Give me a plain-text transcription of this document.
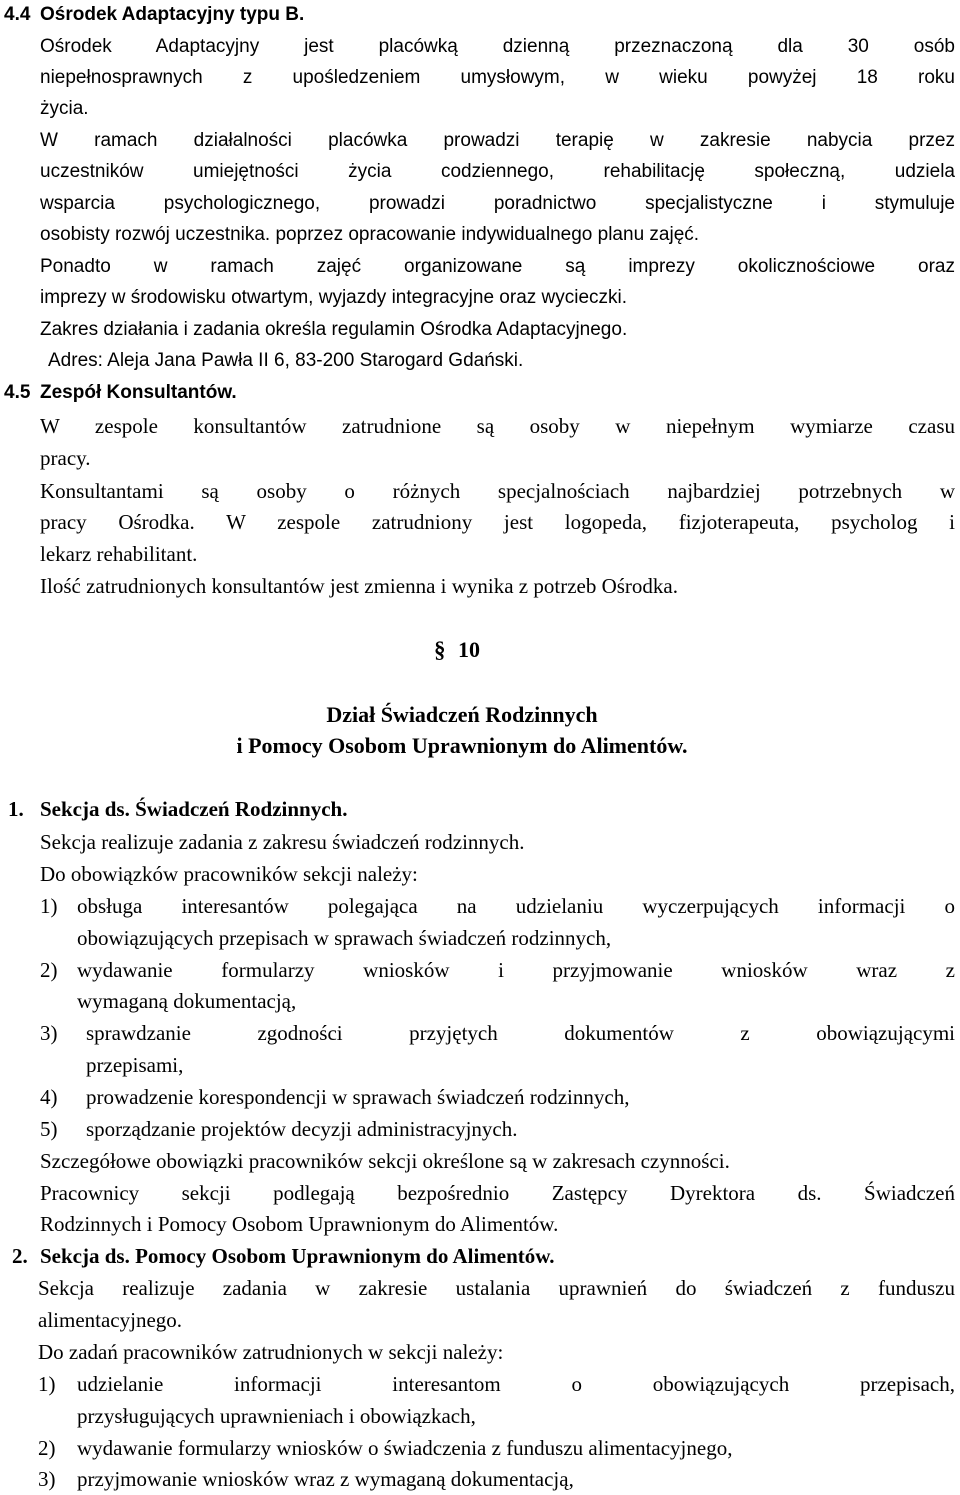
4.4 Ośrodek Adaptacyjny typu B.
Ośrodek Adaptacyjny jest placówką dzienną przeznaczoną dla 30 osób
niepełnosprawnych z upośledzeniem umysłowym, w wieku powyżej 18 roku
życia.
W ramach działalności placówka prowadzi terapię w zakresie nabycia przez
uczestników umiejętności życia codziennego, rehabilitację społeczną, udziela
wsparcia psychologicznego, prowadzi poradnictwo specjalistyczne i stymuluje
osobisty rozwój uczestnika. poprzez opracowanie indywidualnego planu zajęć.
Ponadto w ramach zajęć organizowane są imprezy okolicznościowe oraz
imprezy w środowisku otwartym, wyjazdy integracyjne oraz wycieczki.
Zakres działania i zadania określa regulamin Ośrodka Adaptacyjnego.
Adres: Aleja Jana Pawła II 6, 83-200 Starogard Gdański.
4.5 Zespół Konsultantów.
W zespole konsultantów zatrudnione są osoby w niepełnym wymiarze czasu
pracy.
Konsultantami są osoby o różnych specjalnościach najbardziej potrzebnych w
pracy Ośrodka. W zespole zatrudniony jest logopeda, fizjoterapeuta, psycholog i
lekarz rehabilitant.
Ilość zatrudnionych konsultantów jest zmienna i wynika z potrzeb Ośrodka.
§ 10
Dział Świadczeń Rodzinnych
i Pomocy Osobom Uprawnionym do Alimentów.
1. Sekcja ds. Świadczeń Rodzinnych.
Sekcja realizuje zadania z zakresu świadczeń rodzinnych.
Do obowiązków pracowników sekcji należy:
1) obsługa interesantów polegająca na udzielaniu wyczerpujących informacji o
obowiązujących przepisach w sprawach świadczeń rodzinnych,
2) wydawanie formularzy wniosków i przyjmowanie wniosków wraz z
wymaganą dokumentacją,
3) sprawdzanie zgodności przyjętych dokumentów z obowiązującymi
przepisami,
4) prowadzenie korespondencji w sprawach świadczeń rodzinnych,
5) sporządzanie projektów decyzji administracyjnych.
Szczegółowe obowiązki pracowników sekcji określone są w zakresach czynności.
Pracownicy sekcji podlegają bezpośrednio Zastępcy Dyrektora ds. Świadczeń
Rodzinnych i Pomocy Osobom Uprawnionym do Alimentów.
2. Sekcja ds. Pomocy Osobom Uprawnionym do Alimentów.
Sekcja realizuje zadania w zakresie ustalania uprawnień do świadczeń z funduszu
alimentacyjnego.
Do zadań pracowników zatrudnionych w sekcji należy:
1) udzielanie informacji interesantom o obowiązujących przepisach,
przysługujących uprawnieniach i obowiązkach,
2) wydawanie formularzy wniosków o świadczenia z funduszu alimentacyjnego,
3) przyjmowanie wniosków wraz z wymaganą dokumentacją,
